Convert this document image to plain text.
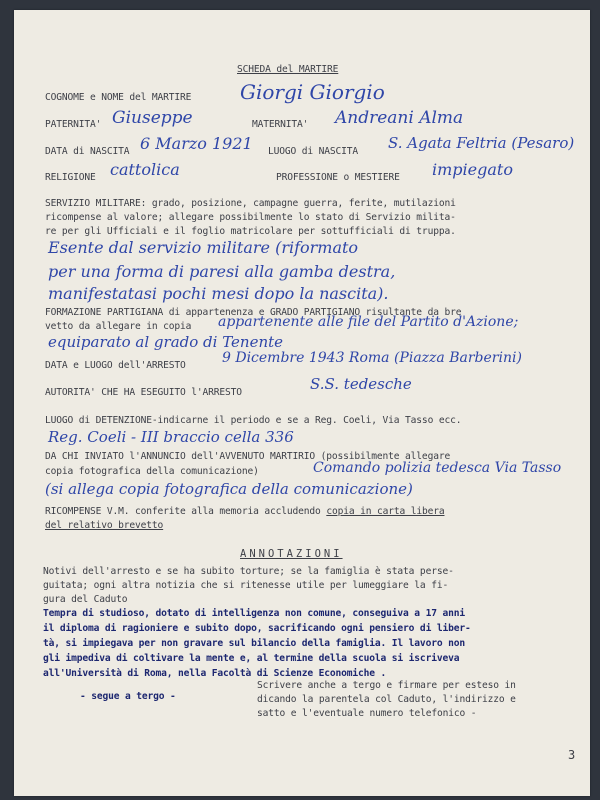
SCHEDA del MARTIRE
COGNOME e NOME del MARTIRE Giorgi Giorgio
PATERNITA' Giuseppe	MATERNITA' Andreani Alma
DATA di NASCITA 6 Marzo 1921 LUOGO di NASCITA S. Agata Feltria (Pesaro)
RELIGIONE cattolica	PROFESSIONE o MESTIERE impiegato
SERVIZIO MILITARE: grado, posizione, campagne guerra, ferite, mutilazioni
ricompense al valore; allegare possibilmente lo stato di Servizio milita-
re per gli Ufficiali e il foglio matricolare per sottufficiali di truppa.
Esente dal servizio militare (riformato
per una forma di paresi alla gamba destra,
manifestatasi pochi mesi dopo la nascita).
FORMAZIONE PARTIGIANA di appartenenza e GRADO PARTIGIANO risultante da bre
vetto da allegare in copia appartenente alle file del Partito d'Azione;
equiparato al grado di Tenente
DATA e LUOGO dell'ARRESTO	9 Dicembre 1943 Roma (Piazza Barberini)
AUTORITA' CHE HA ESEGUITO l'ARRESTO	S.S. tedesche
LUOGO di DETENZIONE-indicarne il periodo e se a Reg. Coeli, Via Tasso ecc.
Reg. Coeli - III braccio cella 336
DA CHI INVIATO l'ANNUNCIO dell'AVVENUTO MARTIRIO (possibilmente allegare
copia fotografica della comunicazione)	Comando polizia tedesca Via Tasso
(si allega copia fotografica della comunicazione)
RICOMPENSE V.M. conferite alla memoria accludendo copia in carta libera
del relativo brevetto
ANNOTAZIONI
Notivi dell'arresto e se ha subito torture; se la famiglia è stata perse-
guitata; ogni altra notizia che si ritenesse utile per lumeggiare la fi-
gura del Caduto
Tempra di studioso, dotato di intelligenza non comune, conseguiva a 17 anni
il diploma di ragioniere e subito dopo, sacrificando ogni pensiero di liber-
tà, si impiegava per non gravare sul bilancio della famiglia. Il lavoro non
gli impediva di coltivare la mente e, al termine della scuola si iscriveva
all'Università di Roma, nella Facoltà di Scienze Economiche .
- segue a tergo -
Scrivere anche a tergo e firmare per esteso in
dicando la parentela col Caduto, l'indirizzo e
satto e l'eventuale numero telefonico -
3
